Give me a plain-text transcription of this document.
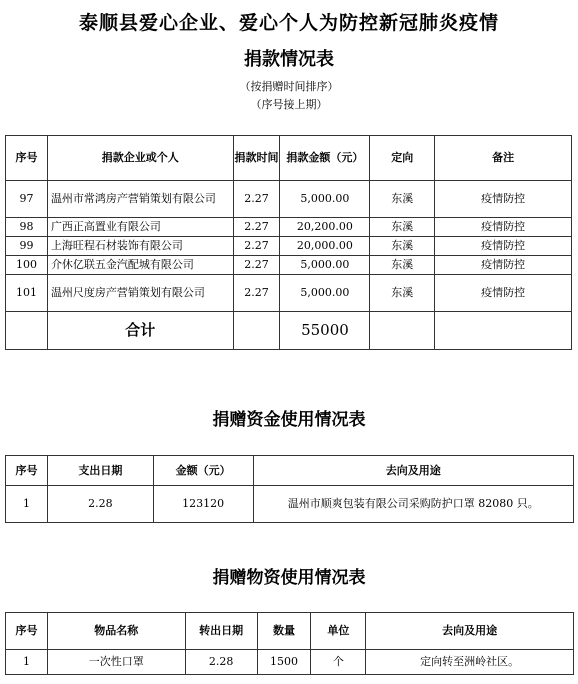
泰顺县爱心企业、爱心个人为防控新冠肺炎疫情
捐款情况表
（按捐赠时间排序）
（序号接上期）
序号	捐款企业或个人	捐款时间	捐款金额（元）	定向	备注
97	温州市常鸿房产营销策划有限公司	2.27	5,000.00	东溪	疫情防控
98	广西正高置业有限公司	2.27	20,200.00	东溪	疫情防控
99	上海旺程石材装饰有限公司	2.27	20,000.00	东溪	疫情防控
100	介休亿联五金汽配城有限公司	2.27	5,000.00	东溪	疫情防控
101	温州尺度房产营销策划有限公司	2.27	5,000.00	东溪	疫情防控
	合计		55000		
捐赠资金使用情况表
序号	支出日期	金额（元）	去向及用途
1	2.28	123120	温州市顺爽包装有限公司采购防护口罩 82080 只。
捐赠物资使用情况表
序号	物品名称	转出日期	数量	单位	去向及用途
1	一次性口罩	2.28	1500	个	定向转至洲岭社区。
